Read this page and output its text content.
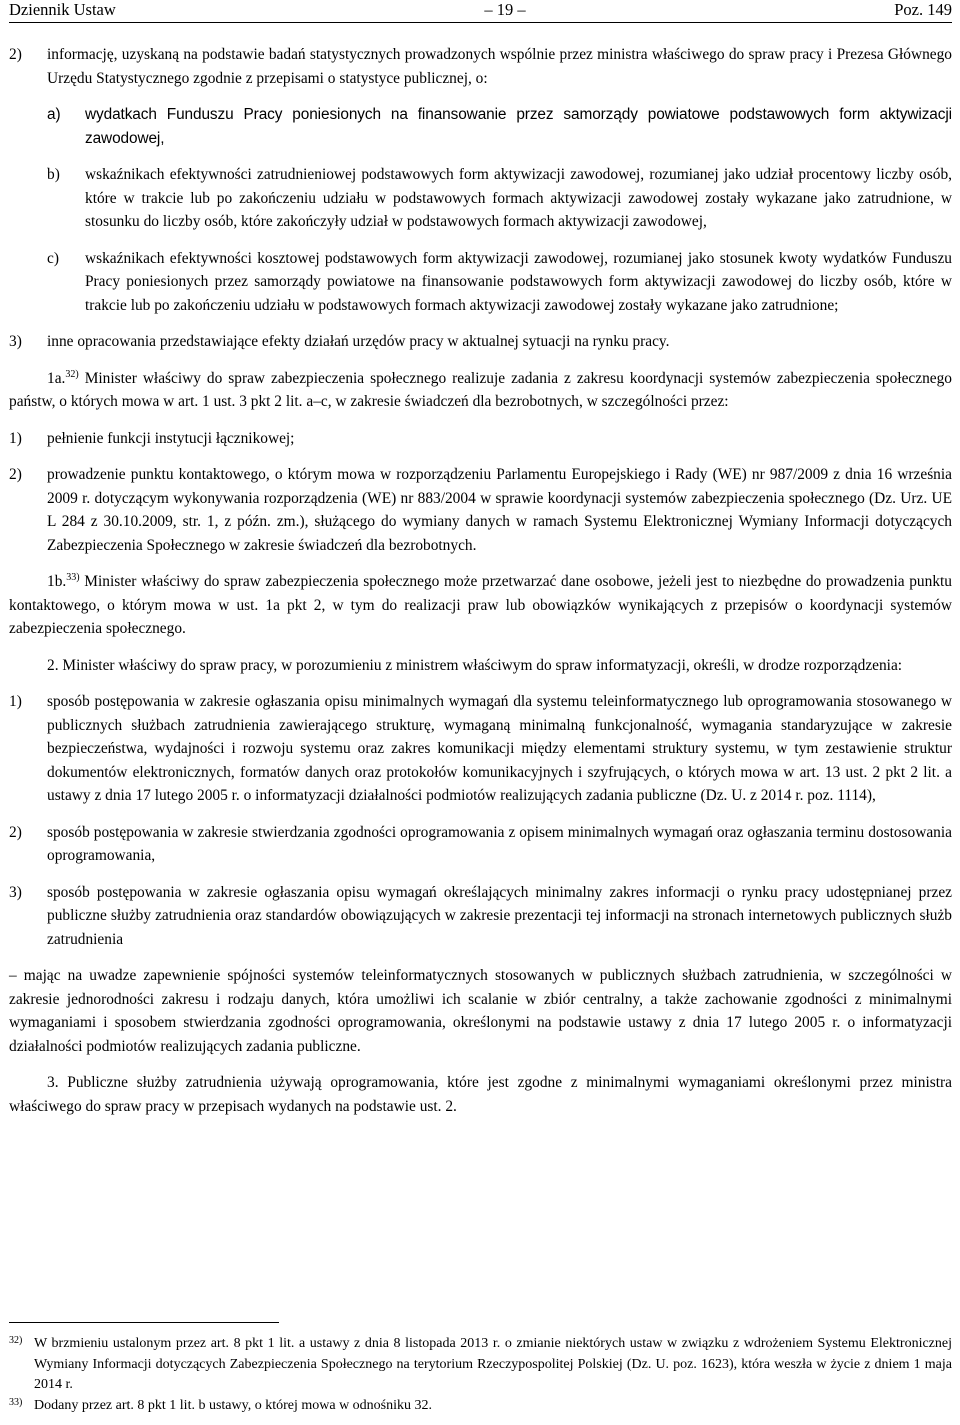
Dziennik Ustaw	– 19 –	Poz. 149
2)	informację, uzyskaną na podstawie badań statystycznych prowadzonych wspólnie przez ministra właściwego do spraw pracy i Prezesa Głównego Urzędu Statystycznego zgodnie z przepisami o statystyce publicznej, o:
a)	wydatkach Funduszu Pracy poniesionych na finansowanie przez samorządy powiatowe podstawowych form aktywizacji zawodowej,
b)	wskaźnikach efektywności zatrudnieniowej podstawowych form aktywizacji zawodowej, rozumianej jako udział procentowy liczby osób, które w trakcie lub po zakończeniu udziału w podstawowych formach aktywizacji zawodowej zostały wykazane jako zatrudnione, w stosunku do liczby osób, które zakończyły udział w podstawowych formach aktywizacji zawodowej,
c)	wskaźnikach efektywności kosztowej podstawowych form aktywizacji zawodowej, rozumianej jako stosunek kwoty wydatków Funduszu Pracy poniesionych przez samorządy powiatowe na finansowanie podstawowych form aktywizacji zawodowej do liczby osób, które w trakcie lub po zakończeniu udziału w podstawowych formach aktywizacji zawodowej zostały wykazane jako zatrudnione;
3)	inne opracowania przedstawiające efekty działań urzędów pracy w aktualnej sytuacji na rynku pracy.

1a.$^{32)}$ Minister właściwy do spraw zabezpieczenia społecznego realizuje zadania z zakresu koordynacji systemów zabezpieczenia społecznego państw, o których mowa w art. 1 ust. 3 pkt 2 lit. a–c, w zakresie świadczeń dla bezrobotnych, w szczególności przez:

1)	pełnienie funkcji instytucji łącznikowej;
2)	prowadzenie punktu kontaktowego, o którym mowa w rozporządzeniu Parlamentu Europejskiego i Rady (WE) nr 987/2009 z dnia 16 września 2009 r. dotyczącym wykonywania rozporządzenia (WE) nr 883/2004 w sprawie koordynacji systemów zabezpieczenia społecznego (Dz. Urz. UE L 284 z 30.10.2009, str. 1, z późn. zm.), służącego do wymiany danych w ramach Systemu Elektronicznej Wymiany Informacji dotyczących Zabezpieczenia Społecznego w zakresie świadczeń dla bezrobotnych.

1b.$^{33)}$ Minister właściwy do spraw zabezpieczenia społecznego może przetwarzać dane osobowe, jeżeli jest to niezbędne do prowadzenia punktu kontaktowego, o którym mowa w ust. 1a pkt 2, w tym do realizacji praw lub obowiązków wynikających z przepisów o koordynacji systemów zabezpieczenia społecznego.

2. Minister właściwy do spraw pracy, w porozumieniu z ministrem właściwym do spraw informatyzacji, określi, w drodze rozporządzenia:

1)	sposób postępowania w zakresie ogłaszania opisu minimalnych wymagań dla systemu teleinformatycznego lub oprogramowania stosowanego w publicznych służbach zatrudnienia zawierającego strukturę, wymaganą minimalną funkcjonalność, wymagania standaryzujące w zakresie bezpieczeństwa, wydajności i rozwoju systemu oraz zakres komunikacji między elementami struktury systemu, w tym zestawienie struktur dokumentów elektronicznych, formatów danych oraz protokołów komunikacyjnych i szyfrujących, o których mowa w art. 13 ust. 2 pkt 2 lit. a ustawy z dnia 17 lutego 2005 r. o informatyzacji działalności podmiotów realizujących zadania publiczne (Dz. U. z 2014 r. poz. 1114),
2)	sposób postępowania w zakresie stwierdzania zgodności oprogramowania z opisem minimalnych wymagań oraz ogłaszania terminu dostosowania oprogramowania,
3)	sposób postępowania w zakresie ogłaszania opisu wymagań określających minimalny zakres informacji o rynku pracy udostępnianej przez publiczne służby zatrudnienia oraz standardów obowiązujących w zakresie prezentacji tej informacji na stronach internetowych publicznych służb zatrudnienia

– mając na uwadze zapewnienie spójności systemów teleinformatycznych stosowanych w publicznych służbach zatrudnienia, w szczególności w zakresie jednorodności zakresu i rodzaju danych, która umożliwi ich scalanie w zbiór centralny, a także zachowanie zgodności z minimalnymi wymaganiami i sposobem stwierdzania zgodności oprogramowania, określonymi na podstawie ustawy z dnia 17 lutego 2005 r. o informatyzacji działalności podmiotów realizujących zadania publiczne.

3. Publiczne służby zatrudnienia używają oprogramowania, które jest zgodne z minimalnymi wymaganiami określonymi przez ministra właściwego do spraw pracy w przepisach wydanych na podstawie ust. 2.

32) W brzmieniu ustalonym przez art. 8 pkt 1 lit. a ustawy z dnia 8 listopada 2013 r. o zmianie niektórych ustaw w związku z wdrożeniem Systemu Elektronicznej Wymiany Informacji dotyczących Zabezpieczenia Społecznego na terytorium Rzeczypospolitej Polskiej (Dz. U. poz. 1623), która weszła w życie z dniem 1 maja 2014 r.
33) Dodany przez art. 8 pkt 1 lit. b ustawy, o której mowa w odnośniku 32.
